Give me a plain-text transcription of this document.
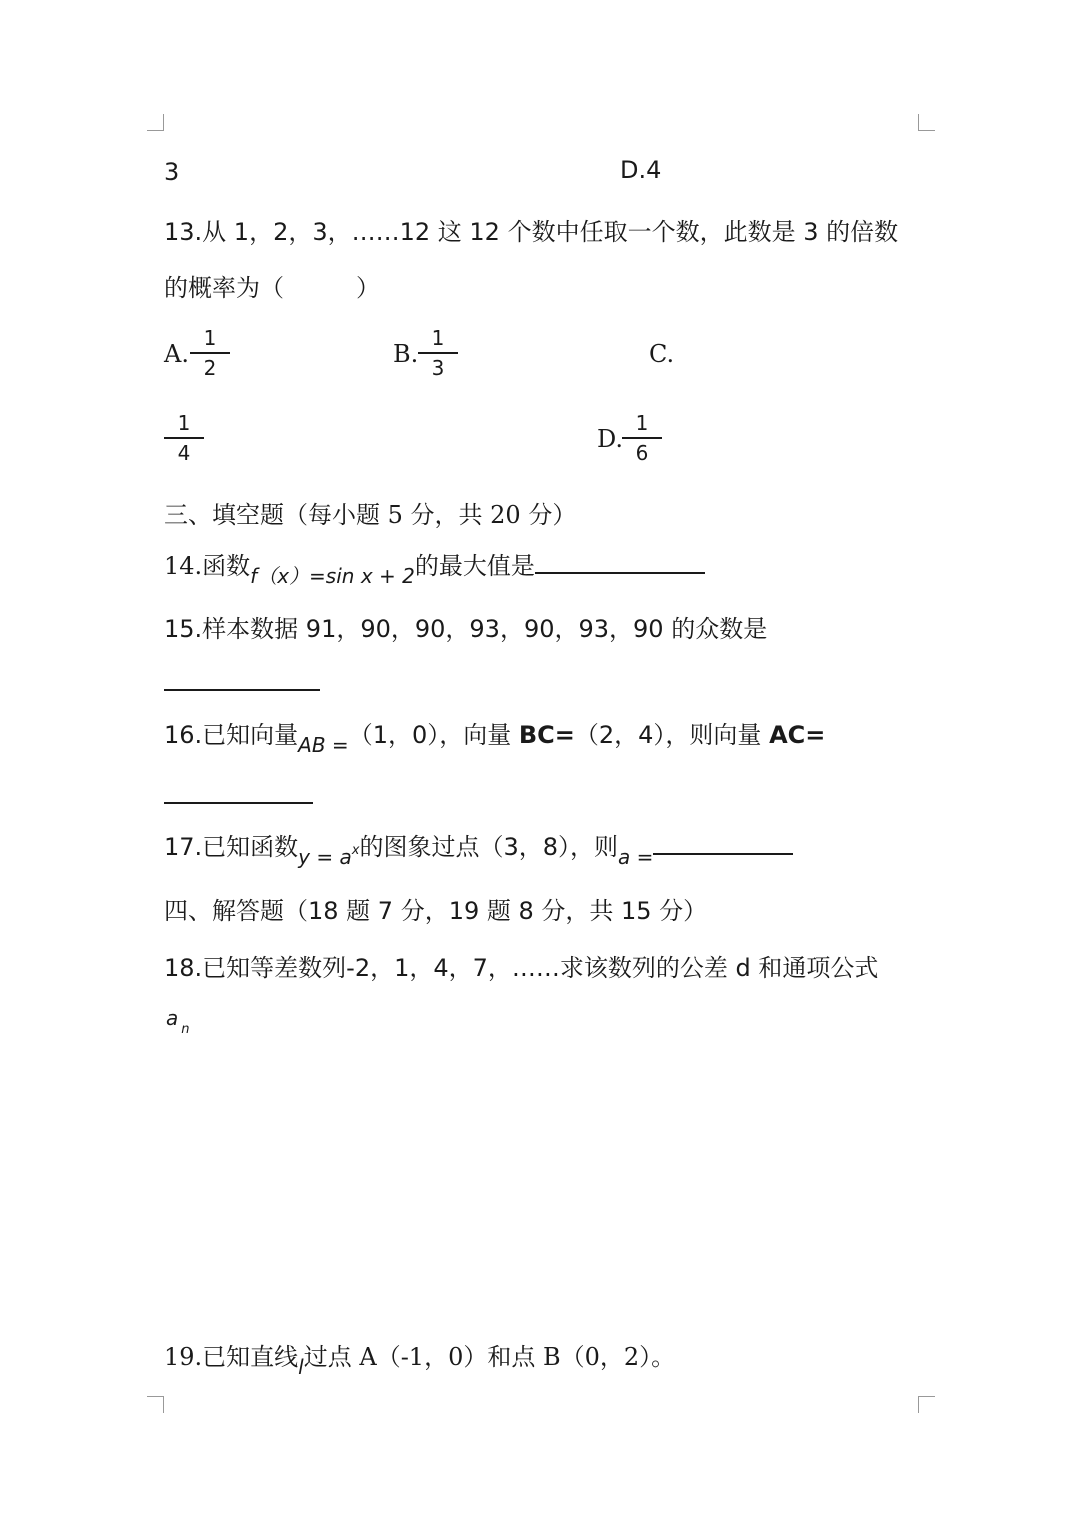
3	D.4
13.从 1，2，3，……12 这 12 个数中任取一个数，此数是 3 的倍数
的概率为（　　　）
A.
1
2	B.
1
3	C.
1
4	D.
1
6
三、填空题（每小题 5 分，共 20 分）
14.函数$_{f(x)=sin x + 2}$的最大值是
15.样本数据 91，90，90，93，90，93，90 的众数是
16.已知向量$_{AB =}$（1，0），向量 BC=（2，4），则向量 AC=
17.已知函数$_{y = a^x}$的图象过点（3，8），则$_{a =}$
四、解答题（18 题 7 分，19 题 8 分，共 15 分）
18.已知等差数列-2，1，4，7，……求该数列的公差 d 和通项公式
a $_n$
19.已知直线$_l$过点 A（-1，0）和点 B（0，2）。
